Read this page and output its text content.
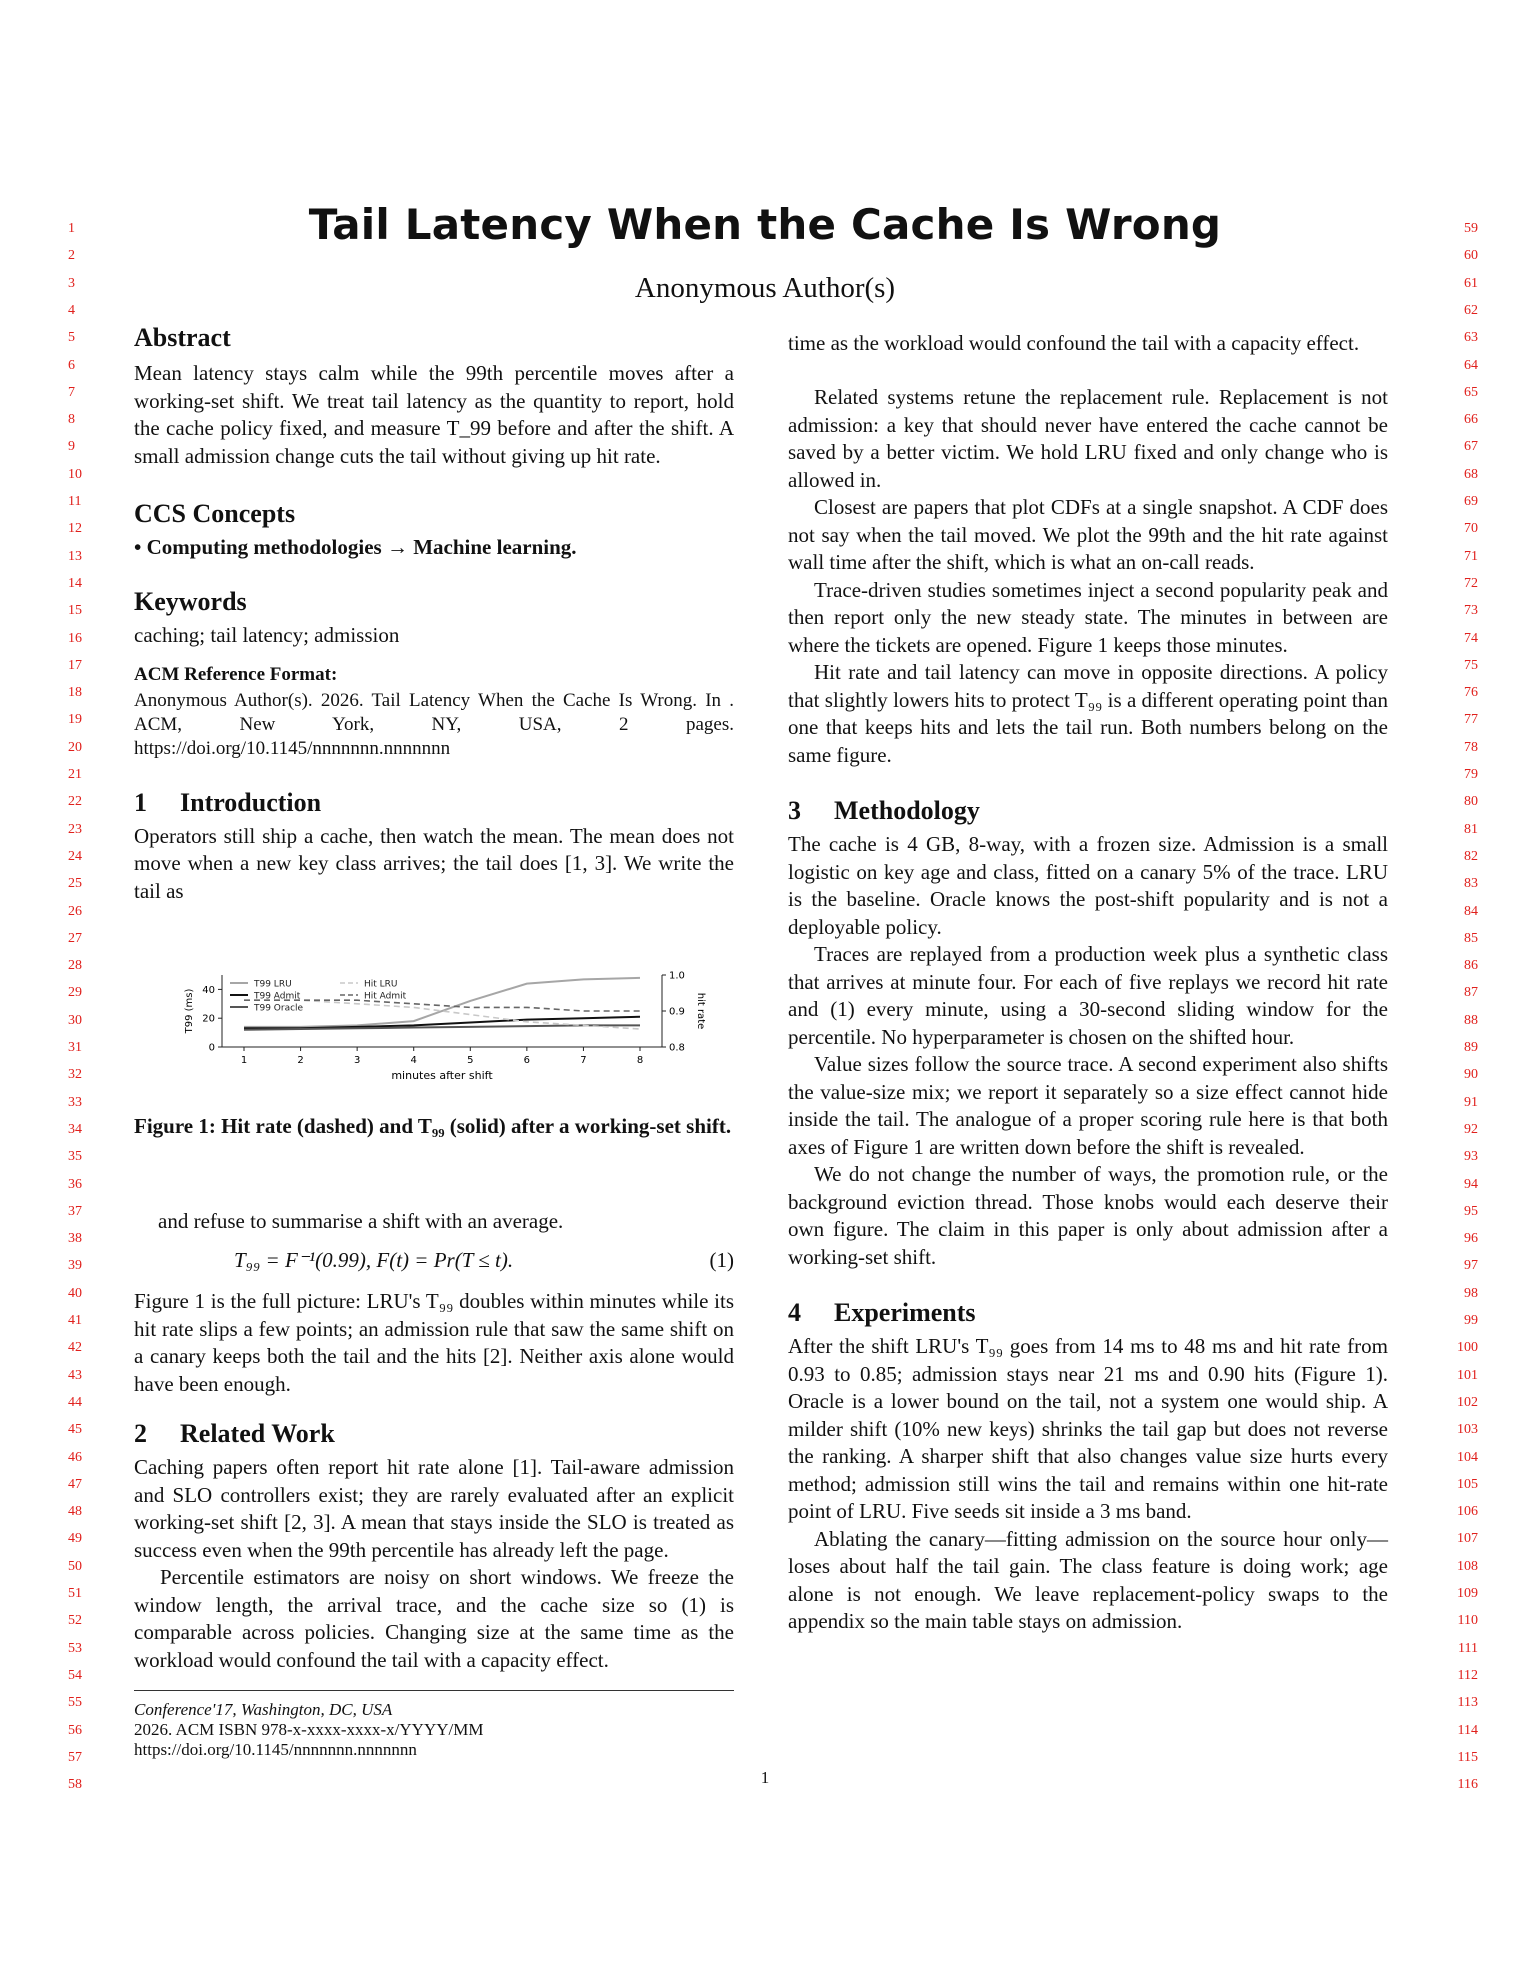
1
2
3
4
5
6
7
8
9
10
11
12
13
14
15
16
17
18
19
20
21
22
23
24
25
26
27
28
29
30
31
32
33
34
35
36
37
38
39
40
41
42
43
44
45
46
47
48
49
50
51
52
53
54
55
56
57
58
59
60
61
62
63
64
65
66
67
68
69
70
71
72
73
74
75
76
77
78
79
80
81
82
83
84
85
86
87
88
89
90
91
92
93
94
95
96
97
98
99
100
101
102
103
104
105
106
107
108
109
110
111
112
113
114
115
116
Tail Latency When the Cache Is Wrong
Anonymous Author(s)
Abstract

Mean latency stays calm while the 99th percentile moves after a working-set shift. We treat tail latency as the quantity to report, hold the cache policy fixed, and measure T_99 before and after the shift. A small admission change cuts the tail without giving up hit rate.

CCS Concepts

• Computing methodologies → Machine learning.

Keywords

caching; tail latency; admission

ACM Reference Format:

Anonymous Author(s). 2026. Tail Latency When the Cache Is Wrong. In . ACM, New York, NY, USA, 2 pages. https://doi.org/10.1145/nnnnnnn.nnnnnnn

1 Introduction

Operators still ship a cache, then watch the mean. The mean does not move when a new key class arrives; the tail does [1, 3]. We write the tail as

1	2	3	4	5	6	7	8
0
20
40
0.8
0.9
1.0
minutes after shift
T99 (ms)	hit rate
T99 LRU
T99 Admit
T99 Oracle
Hit LRU
Hit Admit

Figure 1: Hit rate (dashed) and T₉₉ (solid) after a working-set shift.

and refuse to summarise a shift with an average.

T₉₉ = F⁻¹(0.99), F(t) = Pr(T ≤ t).	(1)

Figure 1 is the full picture: LRU's T₉₉ doubles within minutes while its hit rate slips a few points; an admission rule that saw the same shift on a canary keeps both the tail and the hits [2]. Neither axis alone would have been enough.

2 Related Work

Caching papers often report hit rate alone [1]. Tail-aware admission and SLO controllers exist; they are rarely evaluated after an explicit working-set shift [2, 3]. A mean that stays inside the SLO is treated as success even when the 99th percentile has already left the page.

Percentile estimators are noisy on short windows. We freeze the window length, the arrival trace, and the cache size so (1) is comparable across policies. Changing size at the same time as the workload would confound the tail with a capacity effect.

Conference'17, Washington, DC, USA
2026. ACM ISBN 978-x-xxxx-xxxx-x/YYYY/MM
https://doi.org/10.1145/nnnnnnn.nnnnnnn

time as the workload would confound the tail with a capacity effect.

Related systems retune the replacement rule. Replacement is not admission: a key that should never have entered the cache cannot be saved by a better victim. We hold LRU fixed and only change who is allowed in.

Closest are papers that plot CDFs at a single snapshot. A CDF does not say when the tail moved. We plot the 99th and the hit rate against wall time after the shift, which is what an on-call reads.

Trace-driven studies sometimes inject a second popularity peak and then report only the new steady state. The minutes in between are where the tickets are opened. Figure 1 keeps those minutes.

Hit rate and tail latency can move in opposite directions. A policy that slightly lowers hits to protect T₉₉ is a different operating point than one that keeps hits and lets the tail run. Both numbers belong on the same figure.

3 Methodology

The cache is 4 GB, 8-way, with a frozen size. Admission is a small logistic on key age and class, fitted on a canary 5% of the trace. LRU is the baseline. Oracle knows the post-shift popularity and is not a deployable policy.

Traces are replayed from a production week plus a synthetic class that arrives at minute four. For each of five replays we record hit rate and (1) every minute, using a 30-second sliding window for the percentile. No hyperparameter is chosen on the shifted hour.

Value sizes follow the source trace. A second experiment also shifts the value-size mix; we report it separately so a size effect cannot hide inside the tail. The analogue of a proper scoring rule here is that both axes of Figure 1 are written down before the shift is revealed.

We do not change the number of ways, the promotion rule, or the background eviction thread. Those knobs would each deserve their own figure. The claim in this paper is only about admission after a working-set shift.

4 Experiments

After the shift LRU's T₉₉ goes from 14 ms to 48 ms and hit rate from 0.93 to 0.85; admission stays near 21 ms and 0.90 hits (Figure 1). Oracle is a lower bound on the tail, not a system one would ship. A milder shift (10% new keys) shrinks the tail gap but does not reverse the ranking. A sharper shift that also changes value size hurts every method; admission still wins the tail and remains within one hit-rate point of LRU. Five seeds sit inside a 3 ms band.

Ablating the canary—fitting admission on the source hour only—loses about half the tail gain. The class feature is doing work; age alone is not enough. We leave replacement-policy swaps to the appendix so the main table stays on admission.

1
